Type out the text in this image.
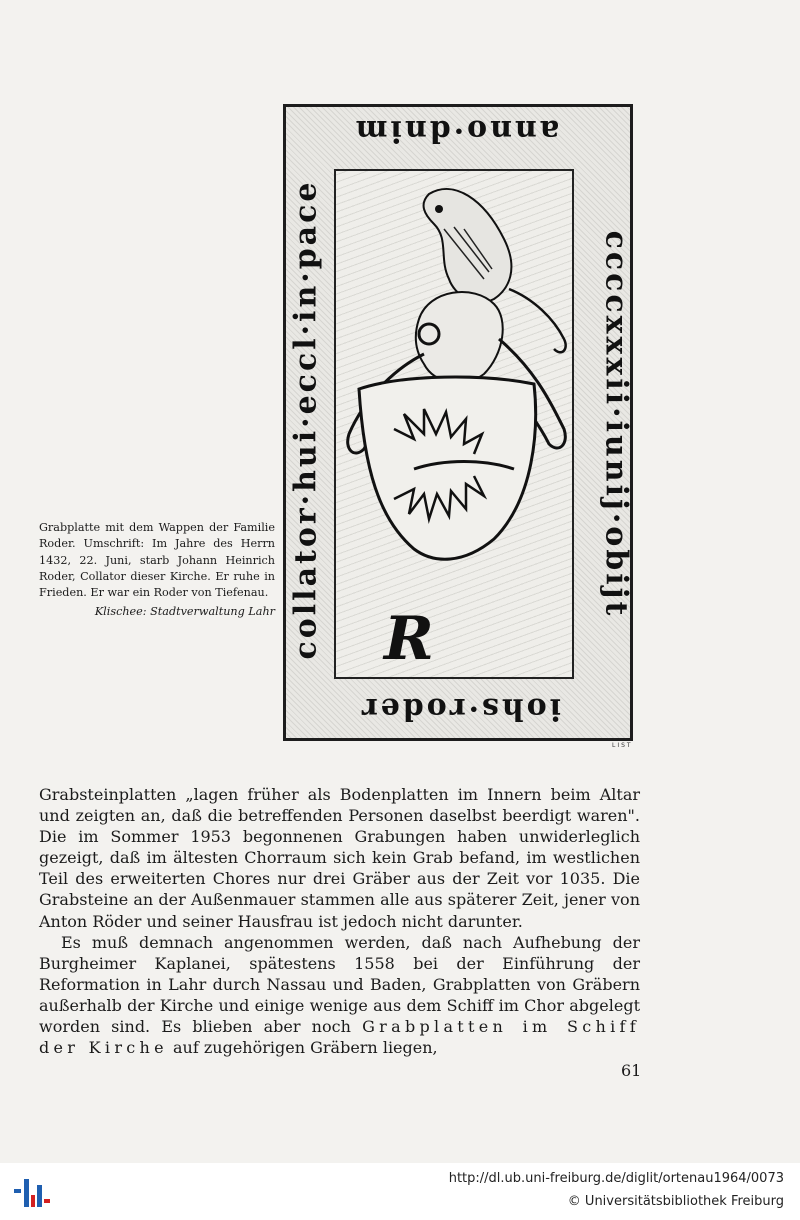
anno·dnim
ccccxxxii·iunij·obijt
iohs·roder
collator·hui·eccl·in·pace R
LIST

Grabplatte mit dem Wappen der Familie Roder. Umschrift: Im Jahre des Herrn 1432, 22. Juni, starb Johann Heinrich Roder, Collator dieser Kirche. Er ruhe in Frieden. Er war ein Roder von Tiefenau.

Klischee: Stadtverwaltung Lahr

Grabsteinplatten „lagen früher als Bodenplatten im Innern beim Altar und zeigten an, daß die betreffenden Personen daselbst beerdigt waren". Die im Sommer 1953 begonnenen Grabungen haben unwiderleglich gezeigt, daß im ältesten Chorraum sich kein Grab befand, im westlichen Teil des erweiterten Chores nur drei Gräber aus der Zeit vor 1035. Die Grabsteine an der Außenmauer stammen alle aus späterer Zeit, jener von Anton Röder und seiner Hausfrau ist jedoch nicht darunter.

Es muß demnach angenommen werden, daß nach Aufhebung der Burgheimer Kaplanei, spätestens 1558 bei der Einführung der Reformation in Lahr durch Nassau und Baden, Grabplatten von Gräbern außerhalb der Kirche und einige wenige aus dem Schiff im Chor abgelegt worden sind. Es blieben aber noch Grabplatten im Schiff der Kirche auf zugehörigen Gräbern liegen,

61
http://dl.ub.uni-freiburg.de/diglit/ortenau1964/0073
© Universitätsbibliothek Freiburg
